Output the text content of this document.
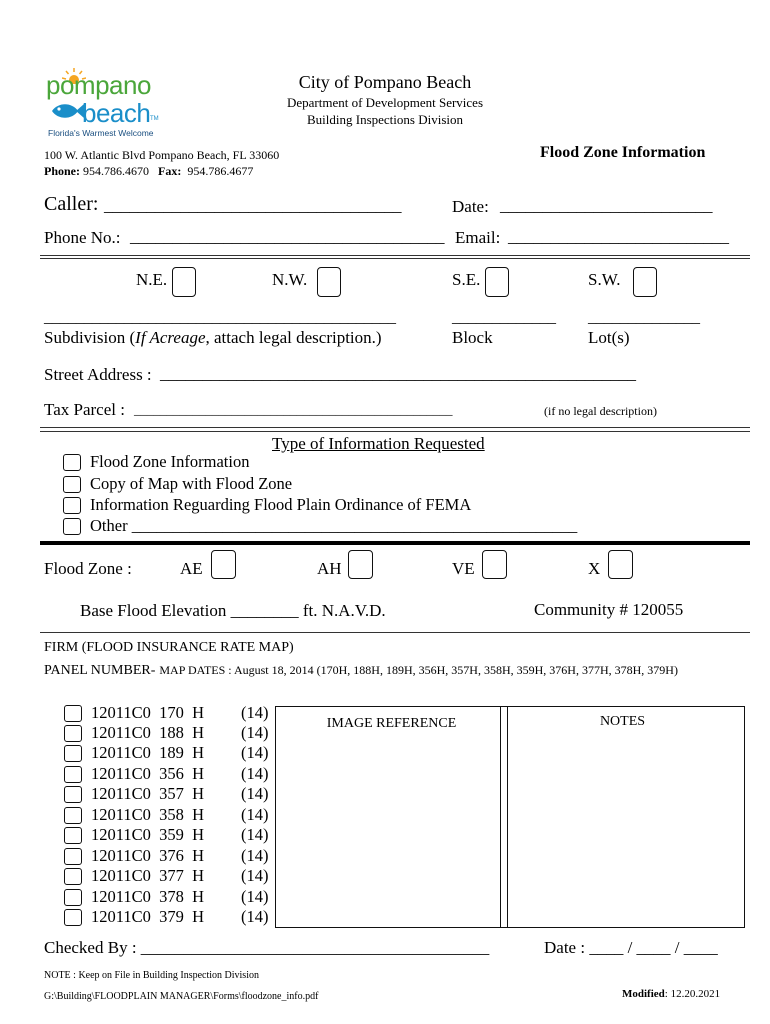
pompano
beach TM
Florida's Warmest Welcome
City of Pompano Beach
Department of Development Services
Building Inspections Division
100 W. Atlantic Blvd Pompano Beach, FL 33060
Phone: 954.786.4670 Fax: 954.786.4677
Flood Zone Information
Caller: ___________________________________	Date: _________________________
Phone No.: _____________________________________ Email: __________________________
N.E.	N.W.	S.E.	S.W.
____________________________________________	_____________ ______________
Subdivision (If Acreage, attach legal description.)	Block	Lot(s)
Street Address : ________________________________________________________
Tax Parcel : _________________________________________________	(if no legal description)
Type of Information Requested
Flood Zone Information
Copy of Map with Flood Zone
Information Reguarding Flood Plain Ordinance of FEMA
Other ______________________________________________________
Flood Zone :	AE	AH	VE	X
Base Flood Elevation ________ ft. N.A.V.D.	Community # 120055
FIRM (FLOOD INSURANCE RATE MAP)
PANEL NUMBER- MAP DATES : August 18, 2014 (170H, 188H, 189H, 356H, 357H, 358H, 359H, 376H, 377H, 378H, 379H)
12011C0  170  H	(14)
12011C0  188  H	(14)
12011C0  189  H	(14)
12011C0  356  H	(14)
12011C0  357  H	(14)
12011C0  358  H	(14)
12011C0  359  H	(14)
12011C0  376  H	(14)
12011C0  377  H	(14)
12011C0  378  H	(14)
12011C0  379  H	(14)
IMAGE REFERENCE	NOTES
Checked By : _________________________________________	Date : ____ / ____ / ____
NOTE : Keep on File in Building Inspection Division
G:\Building\FLOODPLAIN MANAGER\Forms\floodzone_info.pdf	Modified: 12.20.2021
